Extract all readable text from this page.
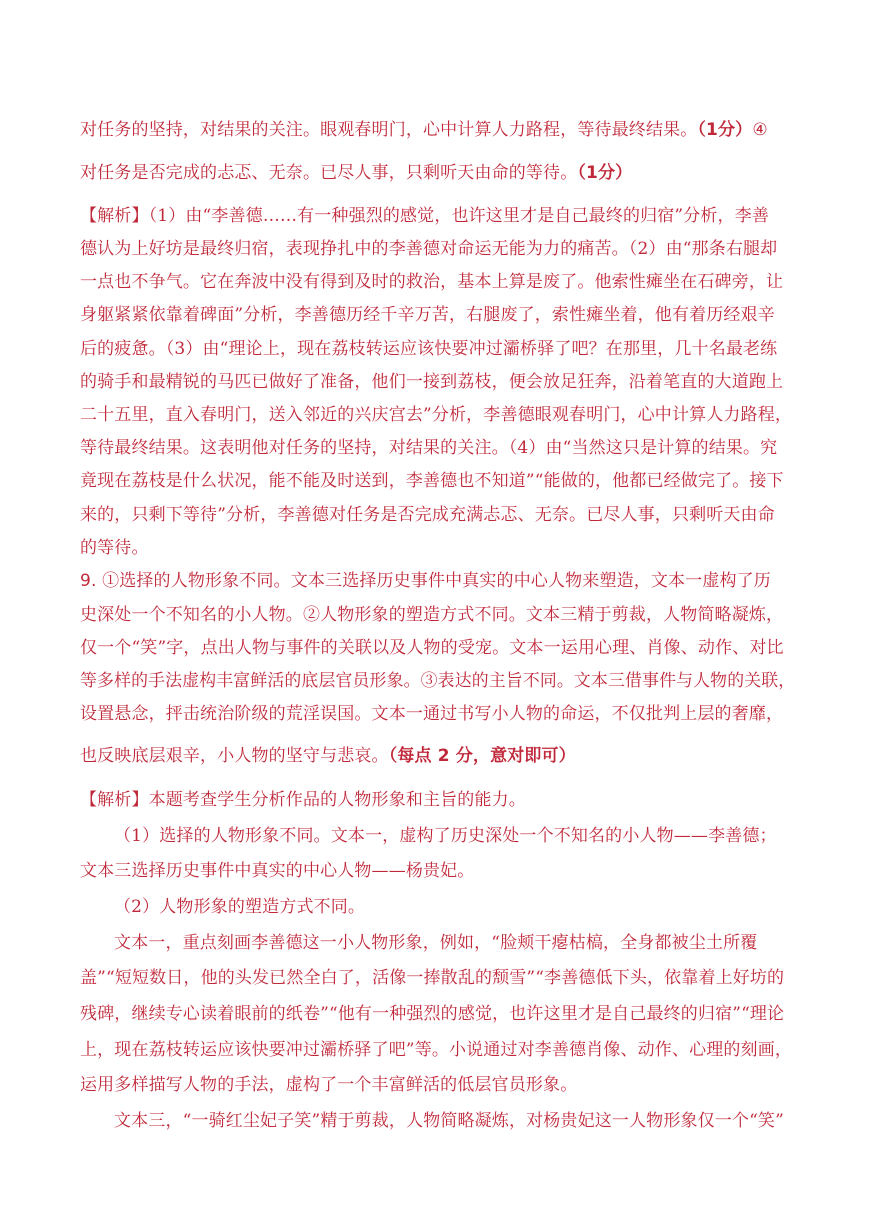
对任务的坚持，对结果的关注。眼观春明门，心中计算人力路程，等待最终结果。（1分）④
对任务是否完成的忐忑、无奈。已尽人事，只剩听天由命的等待。（1分）
【解析】（1）由“李善德……有一种强烈的感觉，也许这里才是自己最终的归宿”分析，李善
德认为上好坊是最终归宿，表现挣扎中的李善德对命运无能为力的痛苦。（2）由“那条右腿却
一点也不争气。它在奔波中没有得到及时的救治，基本上算是废了。他索性瘫坐在石碑旁，让
身躯紧紧依靠着碑面”分析，李善德历经千辛万苦，右腿废了，索性瘫坐着，他有着历经艰辛
后的疲惫。（3）由“理论上，现在荔枝转运应该快要冲过灞桥驿了吧？在那里，几十名最老练
的骑手和最精锐的马匹已做好了准备，他们一接到荔枝，便会放足狂奔，沿着笔直的大道跑上
二十五里，直入春明门，送入邻近的兴庆宫去”分析，李善德眼观春明门，心中计算人力路程，
等待最终结果。这表明他对任务的坚持，对结果的关注。（4）由“当然这只是计算的结果。究
竟现在荔枝是什么状况，能不能及时送到，李善德也不知道”“能做的，他都已经做完了。接下
来的，只剩下等待”分析，李善德对任务是否完成充满忐忑、无奈。已尽人事，只剩听天由命
的等待。
9. ①选择的人物形象不同。文本三选择历史事件中真实的中心人物来塑造，文本一虚构了历
史深处一个不知名的小人物。②人物形象的塑造方式不同。文本三精于剪裁，人物简略凝炼，
仅一个“笑”字，点出人物与事件的关联以及人物的受宠。文本一运用心理、肖像、动作、对比
等多样的手法虚构丰富鲜活的底层官员形象。③表达的主旨不同。文本三借事件与人物的关联，
设置悬念，抨击统治阶级的荒淫误国。文本一通过书写小人物的命运，不仅批判上层的奢靡，
也反映底层艰辛，小人物的坚守与悲哀。（每点 2 分，意对即可）
【解析】本题考查学生分析作品的人物形象和主旨的能力。
（1）选择的人物形象不同。文本一，虚构了历史深处一个不知名的小人物——李善德；
文本三选择历史事件中真实的中心人物——杨贵妃。
（2）人物形象的塑造方式不同。
文本一，重点刻画李善德这一小人物形象，例如，“脸颊干瘪枯槁，全身都被尘土所覆
盖”“短短数日，他的头发已然全白了，活像一捧散乱的颓雪”“李善德低下头，依靠着上好坊的
残碑，继续专心读着眼前的纸卷”“他有一种强烈的感觉，也许这里才是自己最终的归宿”“理论
上，现在荔枝转运应该快要冲过灞桥驿了吧”等。小说通过对李善德肖像、动作、心理的刻画，
运用多样描写人物的手法，虚构了一个丰富鲜活的低层官员形象。
文本三，“一骑红尘妃子笑”精于剪裁，人物简略凝炼，对杨贵妃这一人物形象仅一个“笑”
